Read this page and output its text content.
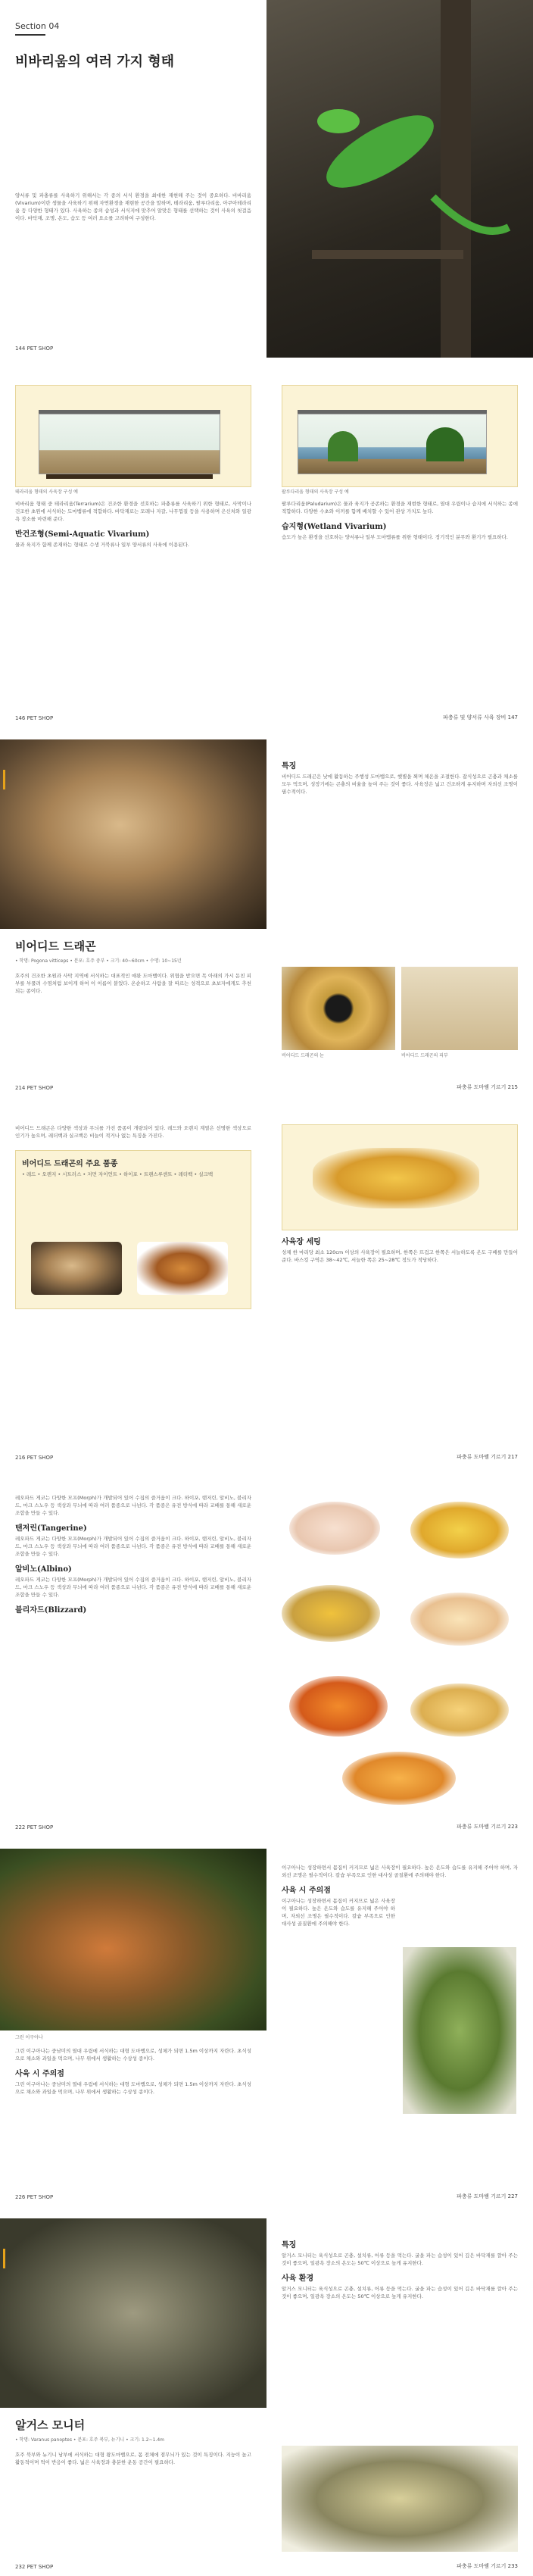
Section 04
비바리움의 여러 가지 형태
양서류 및 파충류를 사육하기 위해서는 각 종의 서식 환경을 최대한 재현해 주는 것이 중요하다. 비바리움(Vivarium)이란 생물을 사육하기 위해 자연환경을 재현한 공간을 말하며, 테라리움, 팔루다리움, 아쿠아테라리움 등 다양한 형태가 있다. 사육하는 종의 습성과 서식지에 맞추어 알맞은 형태를 선택하는 것이 사육의 첫걸음이다. 바닥재, 조명, 온도, 습도 등 여러 요소를 고려하여 구성한다.
144 PET SHOP
테라리움 형태의 사육장 구성 예
비바리움 형태 중 테라리움(Terrarium)은 건조한 환경을 선호하는 파충류를 사육하기 위한 형태로, 사막이나 건조한 초원에 서식하는 도마뱀류에 적합하다. 바닥재로는 모래나 자갈, 나무껍질 등을 사용하며 은신처와 일광욕 장소를 마련해 준다.
반건조형(Semi-Aquatic Vivarium)
물과 육지가 함께 존재하는 형태로 수생 거북류나 일부 양서류의 사육에 이용된다.
146 PET SHOP
팔루다리움 형태의 사육장 구성 예
팔루다리움(Paludarium)은 물과 육지가 공존하는 환경을 재현한 형태로, 열대 우림이나 습지에 서식하는 종에 적합하다. 다양한 수초와 이끼를 함께 배치할 수 있어 관상 가치도 높다.
습지형(Wetland Vivarium)
습도가 높은 환경을 선호하는 양서류나 일부 도마뱀류를 위한 형태이다. 정기적인 분무와 환기가 필요하다.
파충류 및 양서류 사육 장비 147
비어디드 드래곤
• 학명: Pogona vitticeps • 분포: 호주 중부 • 크기: 40~60cm • 수명: 10~15년
호주의 건조한 초원과 사막 지역에 서식하는 대표적인 애완 도마뱀이다. 위협을 받으면 목 아래의 가시 돋친 피부를 부풀려 수염처럼 보이게 하여 이 이름이 붙었다. 온순하고 사람을 잘 따르는 성격으로 초보자에게도 추천되는 종이다.
214 PET SHOP
특징
비어디드 드래곤은 낮에 활동하는 주행성 도마뱀으로, 햇볕을 쬐며 체온을 조절한다. 잡식성으로 곤충과 채소를 모두 먹으며, 성장기에는 곤충의 비율을 높여 주는 것이 좋다. 사육장은 넓고 건조하게 유지하며 자외선 조명이 필수적이다.
비어디드 드래곤의 눈	비어디드 드래곤의 피부
파충류 도마뱀 기르기 215
비어디드 드래곤은 다양한 색상과 무늬를 가진 품종이 개량되어 있다. 레드와 오렌지 계열은 선명한 색상으로 인기가 높으며, 레더백과 실크백은 비늘이 적거나 없는 특징을 가진다.
비어디드 드래곤의 주요 품종
• 레드 • 오렌지 • 시트러스 • 저먼 자이언트 • 하이포 • 트랜스루센트 • 레더백 • 실크백
216 PET SHOP
사육장 세팅
성체 한 마리당 최소 120cm 이상의 사육장이 필요하며, 한쪽은 뜨겁고 한쪽은 서늘하도록 온도 구배를 만들어 준다. 바스킹 구역은 38~42℃, 서늘한 쪽은 25~28℃ 정도가 적당하다.
파충류 도마뱀 기르기 217
레오파드 게코는 다양한 모프(Morph)가 개발되어 있어 수집의 즐거움이 크다. 하이포, 탠저린, 알비노, 블리자드, 마크 스노우 등 색상과 무늬에 따라 여러 품종으로 나뉜다. 각 품종은 유전 방식에 따라 교배를 통해 새로운 조합을 만들 수 있다.
탠저린(Tangerine)
레오파드 게코는 다양한 모프(Morph)가 개발되어 있어 수집의 즐거움이 크다. 하이포, 탠저린, 알비노, 블리자드, 마크 스노우 등 색상과 무늬에 따라 여러 품종으로 나뉜다. 각 품종은 유전 방식에 따라 교배를 통해 새로운 조합을 만들 수 있다.
알비노(Albino)
레오파드 게코는 다양한 모프(Morph)가 개발되어 있어 수집의 즐거움이 크다. 하이포, 탠저린, 알비노, 블리자드, 마크 스노우 등 색상과 무늬에 따라 여러 품종으로 나뉜다. 각 품종은 유전 방식에 따라 교배를 통해 새로운 조합을 만들 수 있다.
블리자드(Blizzard)
222 PET SHOP	파충류 도마뱀 기르기 223
그린 이구아나
그린 이구아나는 중남미의 열대 우림에 서식하는 대형 도마뱀으로, 성체가 되면 1.5m 이상까지 자란다. 초식성으로 채소와 과일을 먹으며, 나무 위에서 생활하는 수상성 종이다.
사육 시 주의점
그린 이구아나는 중남미의 열대 우림에 서식하는 대형 도마뱀으로, 성체가 되면 1.5m 이상까지 자란다. 초식성으로 채소와 과일을 먹으며, 나무 위에서 생활하는 수상성 종이다.
226 PET SHOP
이구아나는 성장하면서 몸집이 커지므로 넓은 사육장이 필요하다. 높은 온도와 습도를 유지해 주어야 하며, 자외선 조명은 필수적이다. 칼슘 부족으로 인한 대사성 골질환에 주의해야 한다.
사육 시 주의점
이구아나는 성장하면서 몸집이 커지므로 넓은 사육장이 필요하다. 높은 온도와 습도를 유지해 주어야 하며, 자외선 조명은 필수적이다. 칼슘 부족으로 인한 대사성 골질환에 주의해야 한다.
파충류 도마뱀 기르기 227
알거스 모니터
• 학명: Varanus panoptes • 분포: 호주 북부, 뉴기니 • 크기: 1.2~1.4m
호주 북부와 뉴기니 남부에 서식하는 대형 왕도마뱀으로, 몸 전체에 점무늬가 있는 것이 특징이다. 지능이 높고 활동적이며 먹이 반응이 좋다. 넓은 사육장과 충분한 운동 공간이 필요하다.
232 PET SHOP
특징
알거스 모니터는 육식성으로 곤충, 설치류, 어류 등을 먹는다. 굴을 파는 습성이 있어 깊은 바닥재를 깔아 주는 것이 좋으며, 일광욕 장소의 온도는 50℃ 이상으로 높게 유지한다.
사육 환경
알거스 모니터는 육식성으로 곤충, 설치류, 어류 등을 먹는다. 굴을 파는 습성이 있어 깊은 바닥재를 깔아 주는 것이 좋으며, 일광욕 장소의 온도는 50℃ 이상으로 높게 유지한다.
파충류 도마뱀 기르기 233
